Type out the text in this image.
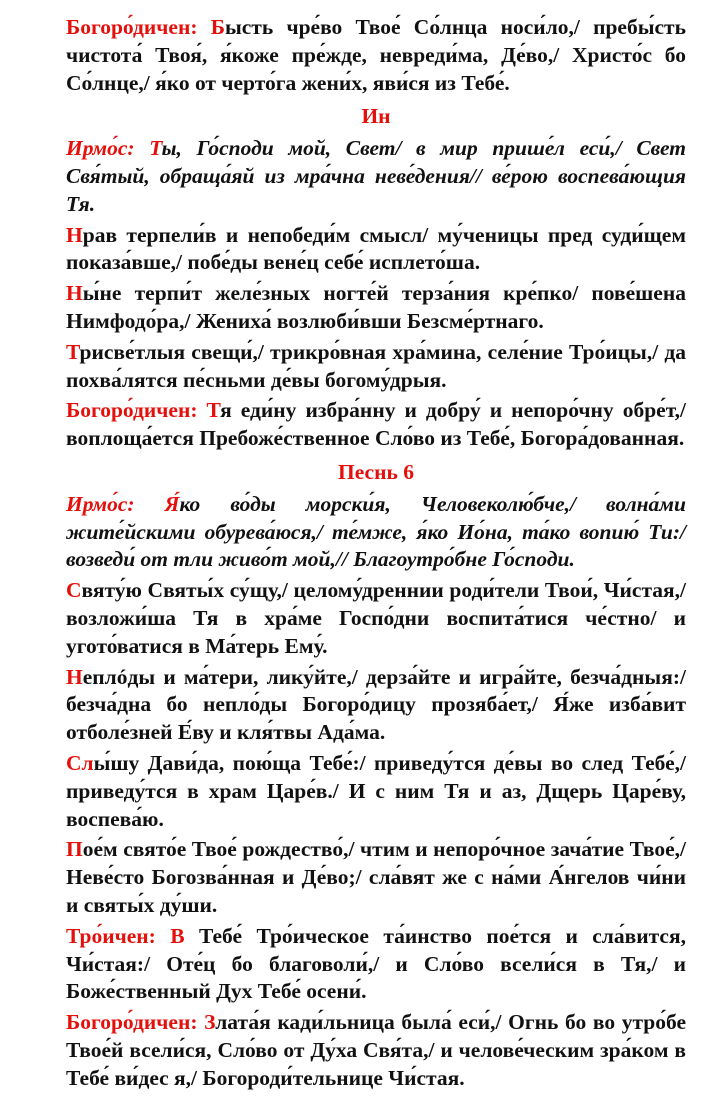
Богоро́дичен: Бысть чре́во Твое́ Со́лнца носи́ло,/ пребы́сть чистота́ Твоя́, я́коже пре́жде, невреди́ма, Де́во,/ Христо́с бо Со́лнце,/ я́ко от черто́га жени́х, яви́ся из Тебе́.

Ин

Ирмо́с: Ты, Го́споди мой, Свет/ в мир прише́л еси́,/ Свет Свя́тый, обраща́яй из мра́чна неве́дения// ве́рою воспева́ющия Тя.

Нрав терпели́в и непобеди́м смысл/ му́ченицы пред суди́щем показа́вше,/ побе́ды вене́ц себе́ исплето́ша.

Ны́не терпи́т желе́зных ногте́й терза́ния кре́пко/ пове́шена Нимфодо́ра,/ Жениха́ возлюби́вши Безсме́ртнаго.

Трисве́тлыя свещи́,/ трикро́вная хра́мина, селе́ние Тро́ицы,/ да похва́лятся пе́сньми де́вы богому́дрыя.

Богоро́дичен: Тя еди́ну избра́нну и добру́ и непоро́чну обре́т,/ воплоща́ется Пребоже́ственное Сло́во из Тебе́, Богора́дованная.

Песнь 6

Ирмо́с: Я́ко во́ды морски́я, Человеколю́бче,/ волна́ми жите́йскими обурева́юся,/ те́мже, я́ко Ио́на, та́ко вопию́ Ти:/ возведи́ от тли живо́т мой,// Благоутро́бне Го́споди.

Святу́ю Святы́х су́щу,/ целому́дреннии роди́тели Твои́, Чи́стая,/ возложи́ша Тя в хра́ме Госпо́дни воспита́тися че́стно/ и угото́ватися в Ма́терь Ему́.

Неплóды и ма́тери, лику́йте,/ дерза́йте и игра́йте, безча́дныя:/ безча́дна бо непло́ды Богоро́дицу прозяба́ет,/ Я́же изба́вит отболе́зней Е́ву и кля́твы Ада́ма.

Слы́шу Дави́да, пою́ща Тебе́:/ приведу́тся де́вы во след Тебе́,/ приведу́тся в храм Царе́в./ И с ним Тя и аз, Дщерь Царе́ву, воспева́ю.

Пое́м свято́е Твое́ рождество́,/ чтим и непоро́чное зача́тие Твое́,/ Неве́сто Богозва́нная и Де́во;/ сла́вят же с на́ми А́нгелов чи́ни и святы́х ду́ши.

Тро́ичен: В Тебе́ Тро́ическое та́инство пое́тся и сла́вится, Чи́стая:/ Оте́ц бо благоволи́,/ и Сло́во всели́ся в Тя,/ и Боже́ственный Дух Тебе́ осени́.

Богоро́дичен: Злата́я кади́льница была́ еси́,/ Огнь бо во утро́бе Твое́й всели́ся, Сло́во от Ду́ха Свя́та,/ и челове́ческим зра́ком в Тебе́ ви́дес я,/ Богороди́тельнице Чи́стая.
